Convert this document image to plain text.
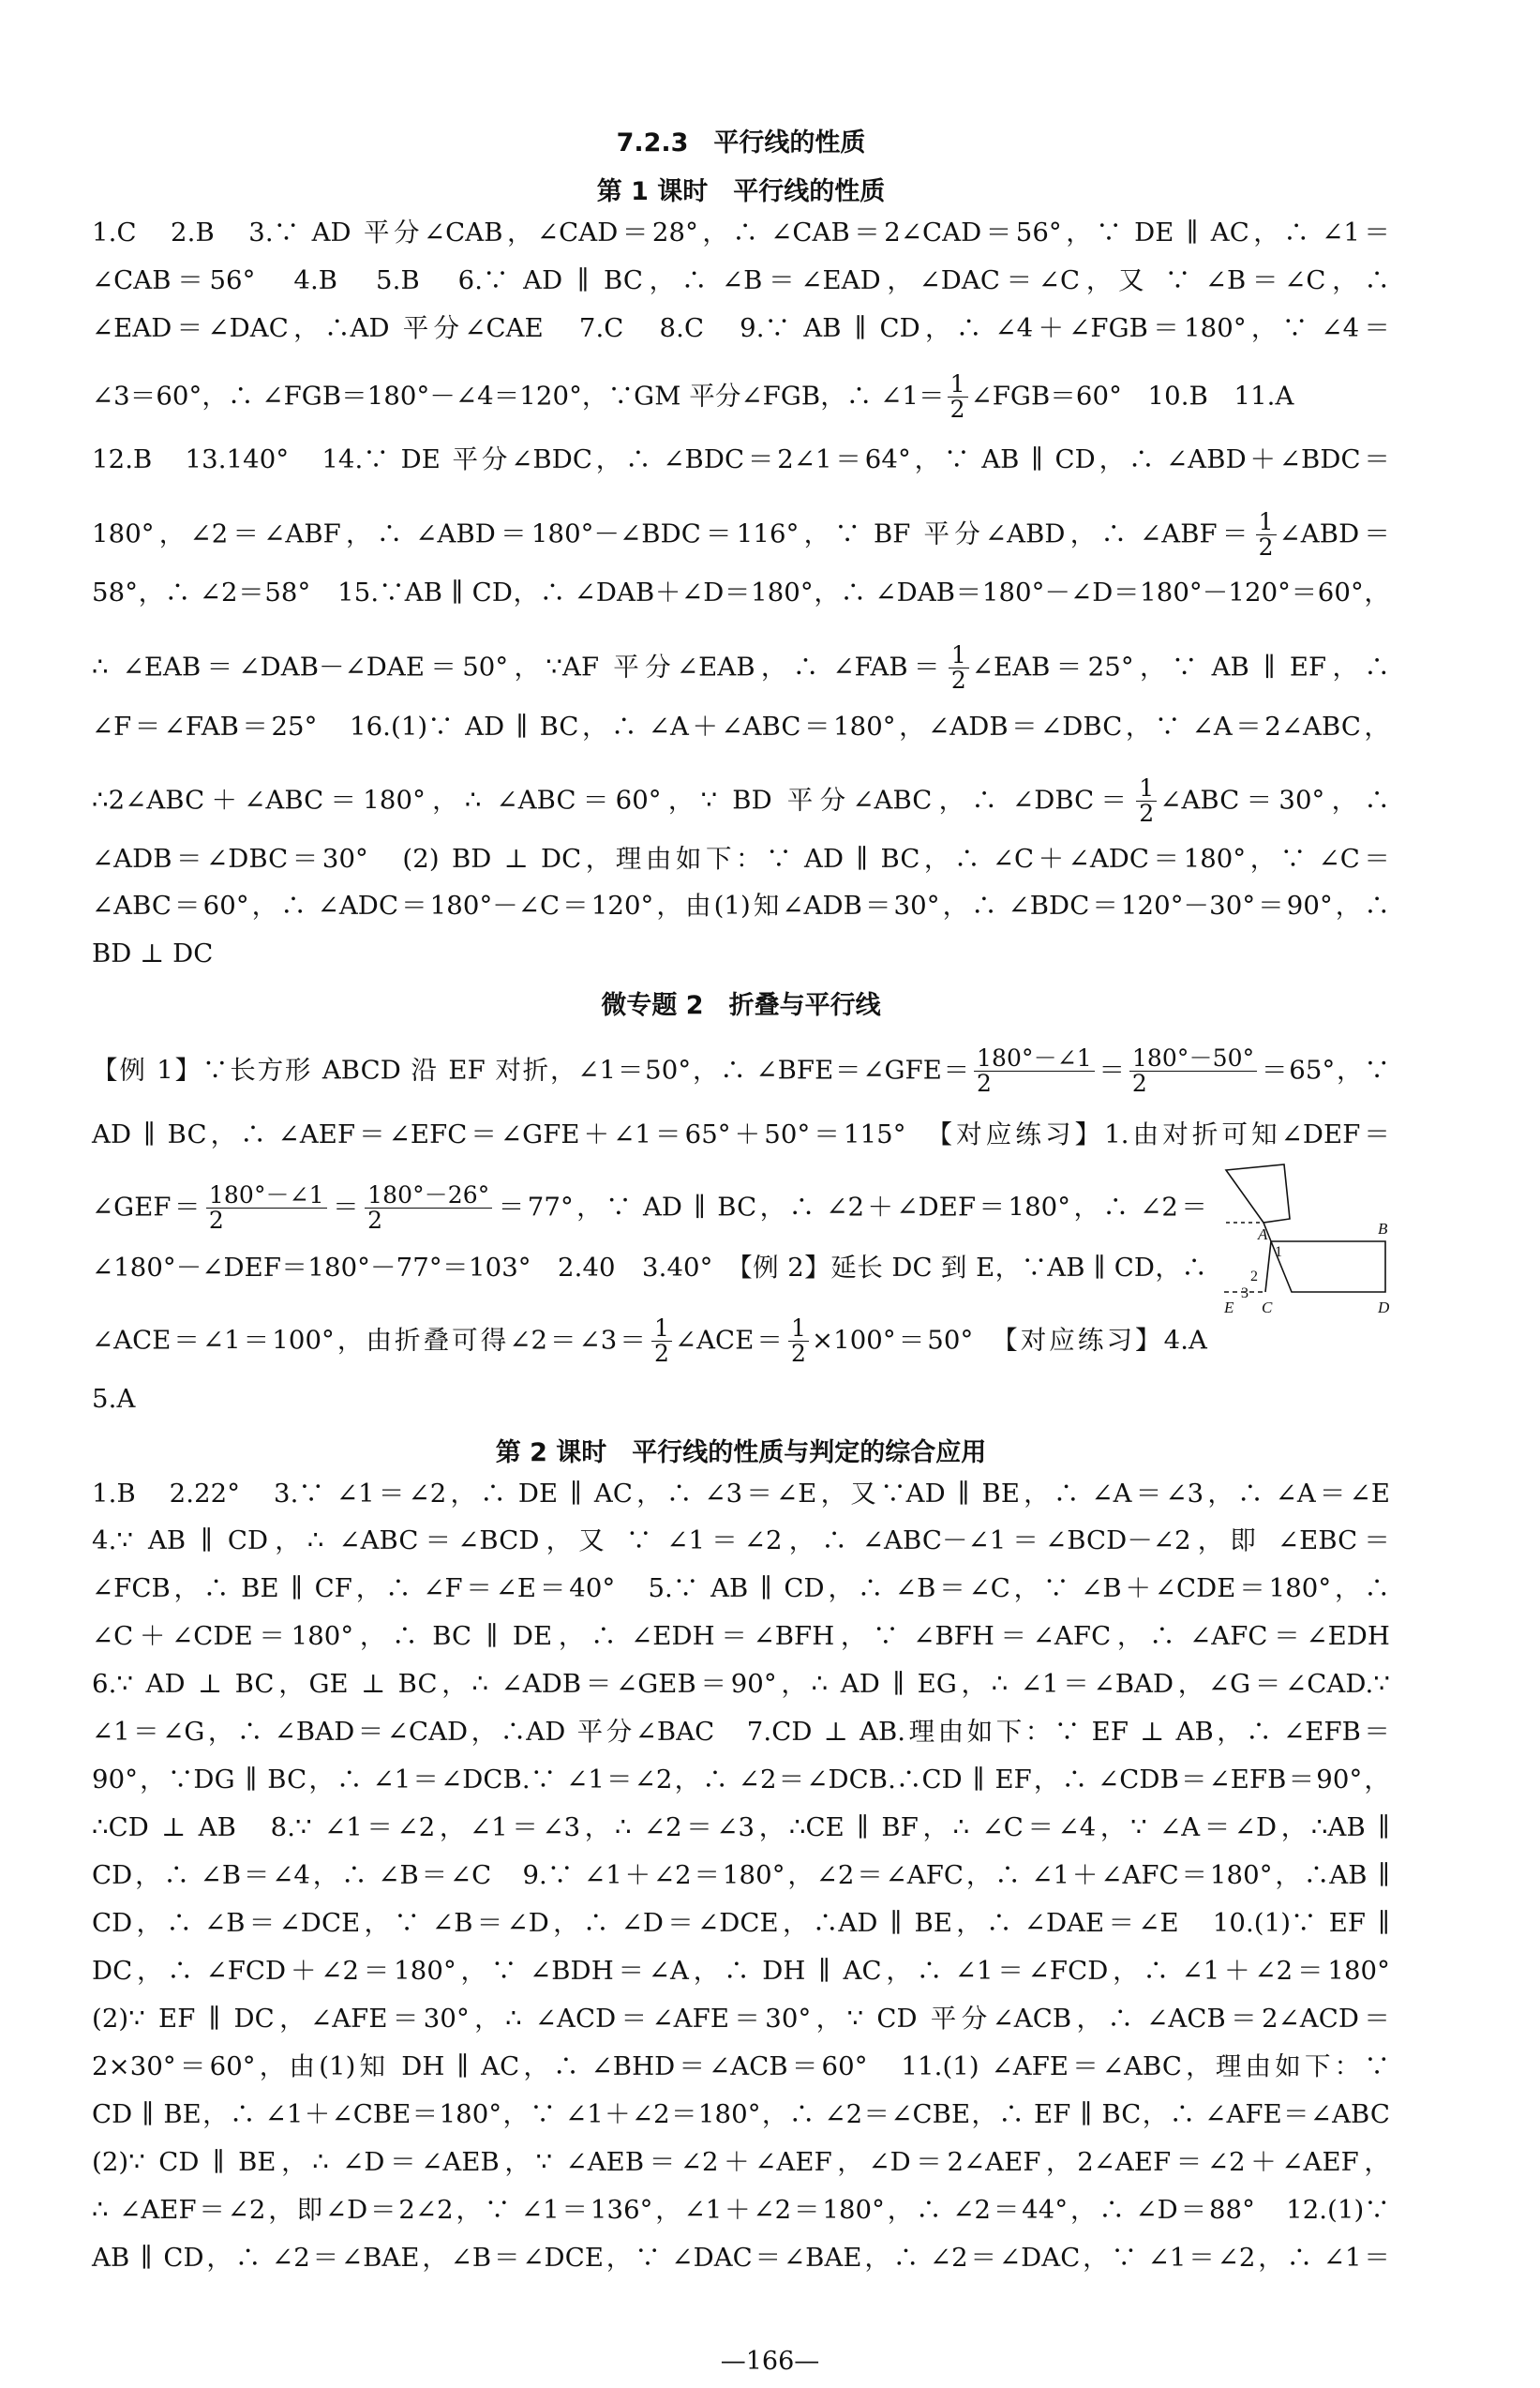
7.2.3　平行线的性质
第 1 课时　平行线的性质
1.C　2.B　3.∵ AD 平分∠CAB，∠CAD＝28°，∴ ∠CAB＝2∠CAD＝56°，∵ DE ∥ AC，∴ ∠1＝
∠CAB＝56°　4.B　5.B　6.∵ AD ∥ BC，∴ ∠B＝∠EAD，∠DAC＝∠C，又 ∵ ∠B＝∠C，∴
∠EAD＝∠DAC，∴AD 平分∠CAE　7.C　8.C　9.∵ AB ∥ CD，∴ ∠4＋∠FGB＝180°，∵ ∠4＝
∠3＝60°，∴ ∠FGB＝180°－∠4＝120°，∵GM 平分∠FGB，∴ ∠1＝ $\frac{1}{2}$ ∠FGB＝60°　10.B　11.A
12.B　13.140°　14.∵ DE 平分∠BDC，∴ ∠BDC＝2∠1＝64°，∵ AB ∥ CD，∴ ∠ABD＋∠BDC＝
180°，∠2＝∠ABF，∴ ∠ABD＝180°－∠BDC＝116°，∵ BF 平分∠ABD，∴ ∠ABF＝ $\frac{1}{2}$ ∠ABD＝
58°，∴ ∠2＝58°　15.∵AB ∥ CD，∴ ∠DAB＋∠D＝180°，∴ ∠DAB＝180°－∠D＝180°－120°＝60°，
∴ ∠EAB＝∠DAB－∠DAE＝50°，∵AF 平分∠EAB，∴ ∠FAB＝ $\frac{1}{2}$ ∠EAB＝25°，∵ AB ∥ EF，∴
∠F＝∠FAB＝25°　16.(1)∵ AD ∥ BC，∴ ∠A＋∠ABC＝180°，∠ADB＝∠DBC，∵ ∠A＝2∠ABC，
∴2∠ABC＋∠ABC＝180°，∴ ∠ABC＝60°，∵ BD 平分∠ABC，∴ ∠DBC＝ $\frac{1}{2}$ ∠ABC＝30°，∴
∠ADB＝∠DBC＝30°　(2) BD ⊥ DC，理由如下：∵ AD ∥ BC，∴ ∠C＋∠ADC＝180°，∵ ∠C＝
∠ABC＝60°，∴ ∠ADC＝180°－∠C＝120°，由(1)知∠ADB＝30°，∴ ∠BDC＝120°－30°＝90°，∴
BD ⊥ DC
微专题 2　折叠与平行线
【例 1】∵长方形 ABCD 沿 EF 对折，∠1＝50°，∴ ∠BFE＝∠GFE＝ $\frac{180^\circ-\angle 1}{2} = \frac{180^\circ-50^\circ}{2} =65^\circ$，∵
AD ∥ BC，∴ ∠AEF＝∠EFC＝∠GFE＋∠1＝65°＋50°＝115°　【对应练习】1.由对折可知∠DEF＝
∠GEF＝ $\frac{180^\circ-\angle 1}{2} = \frac{180^\circ-26^\circ}{2} =77^\circ$，∵ AD ∥ BC，∴ ∠2＋∠DEF＝180°，∴ ∠2＝
∠180°－∠DEF＝180°－77°＝103°　2.40　3.40°　【例 2】延长 DC 到 E，∵AB ∥ CD，∴
∠ACE＝∠1＝100°，由折叠可得∠2＝∠3＝ $\frac{1}{2}$ ∠ACE＝ $\frac{1}{2} \times 100^\circ=50^\circ$　【对应练习】4.A
5.A
第 2 课时　平行线的性质与判定的综合应用
1.B　2.22°　3.∵ ∠1＝∠2，∴ DE ∥ AC，∴ ∠3＝∠E，又∵AD ∥ BE，∴ ∠A＝∠3，∴ ∠A＝∠E
4.∵ AB ∥ CD，∴ ∠ABC＝∠BCD，又 ∵ ∠1＝∠2，∴ ∠ABC－∠1＝∠BCD－∠2，即 ∠EBC＝
∠FCB，∴ BE ∥ CF，∴ ∠F＝∠E＝40°　5.∵ AB ∥ CD，∴ ∠B＝∠C，∵ ∠B＋∠CDE＝180°，∴
∠C＋∠CDE＝180°，∴ BC ∥ DE，∴ ∠EDH＝∠BFH，∵ ∠BFH＝∠AFC，∴ ∠AFC＝∠EDH
6.∵ AD ⊥ BC，GE ⊥ BC，∴ ∠ADB＝∠GEB＝90°，∴ AD ∥ EG，∴ ∠1＝∠BAD，∠G＝∠CAD.∵
∠1＝∠G，∴ ∠BAD＝∠CAD，∴AD 平分∠BAC　7.CD ⊥ AB.理由如下：∵ EF ⊥ AB，∴ ∠EFB＝
90°，∵DG ∥ BC，∴ ∠1＝∠DCB.∵ ∠1＝∠2，∴ ∠2＝∠DCB.∴CD ∥ EF，∴ ∠CDB＝∠EFB＝90°，
∴CD ⊥ AB　8.∵ ∠1＝∠2，∠1＝∠3，∴ ∠2＝∠3，∴CE ∥ BF，∴ ∠C＝∠4，∵ ∠A＝∠D，∴AB ∥
CD，∴ ∠B＝∠4，∴ ∠B＝∠C　9.∵ ∠1＋∠2＝180°，∠2＝∠AFC，∴ ∠1＋∠AFC＝180°，∴AB ∥
CD，∴ ∠B＝∠DCE，∵ ∠B＝∠D，∴ ∠D＝∠DCE，∴AD ∥ BE，∴ ∠DAE＝∠E　10.(1)∵ EF ∥
DC，∴ ∠FCD＋∠2＝180°，∵ ∠BDH＝∠A，∴ DH ∥ AC，∴ ∠1＝∠FCD，∴ ∠1＋∠2＝180°
(2)∵ EF ∥ DC，∠AFE＝30°，∴ ∠ACD＝∠AFE＝30°，∵ CD 平分∠ACB，∴ ∠ACB＝2∠ACD＝
2×30°＝60°，由(1)知 DH ∥ AC，∴ ∠BHD＝∠ACB＝60°　11.(1) ∠AFE＝∠ABC，理由如下：∵
CD ∥ BE，∴ ∠1＋∠CBE＝180°，∵ ∠1＋∠2＝180°，∴ ∠2＝∠CBE，∴ EF ∥ BC，∴ ∠AFE＝∠ABC
(2)∵ CD ∥ BE，∴ ∠D＝∠AEB，∵ ∠AEB＝∠2＋∠AEF，∠D＝2∠AEF，2∠AEF＝∠2＋∠AEF，
∴ ∠AEF＝∠2，即∠D＝2∠2，∵ ∠1＝136°，∠1＋∠2＝180°，∴ ∠2＝44°，∴ ∠D＝88°　12.(1)∵
AB ∥ CD，∴ ∠2＝∠BAE，∠B＝∠DCE，∵ ∠DAC＝∠BAE，∴ ∠2＝∠DAC，∵ ∠1＝∠2，∴ ∠1＝
A	B
C	D
E
1
2
3
—166—
